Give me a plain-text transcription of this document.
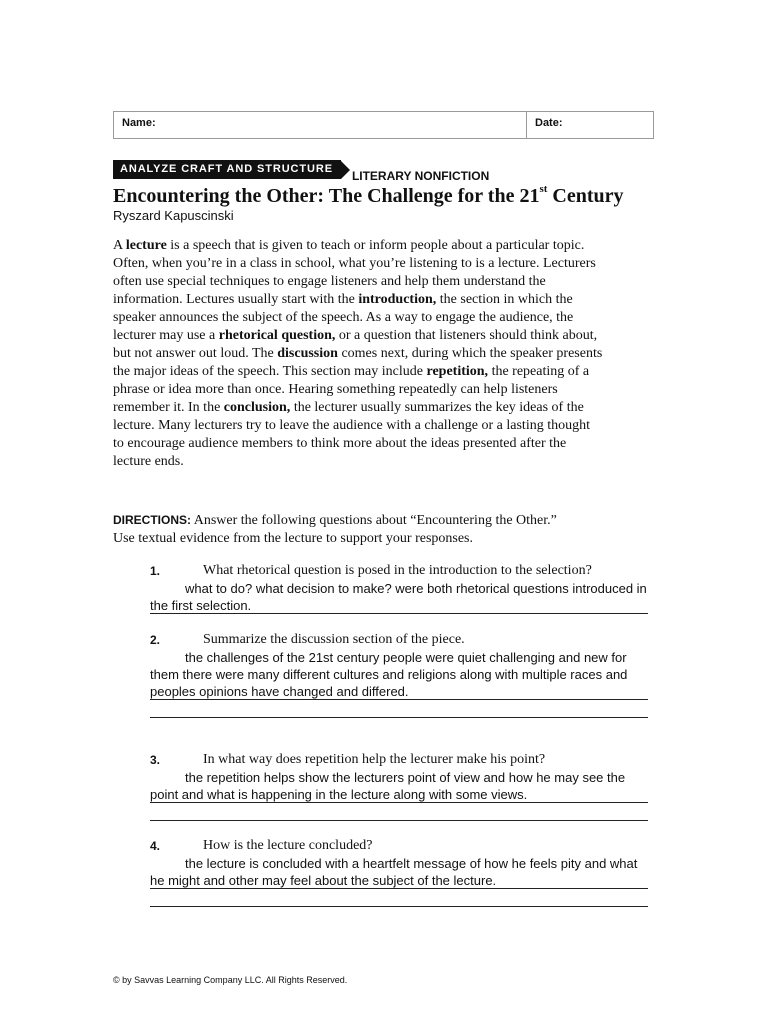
Name:	Date:
ANALYZE CRAFT AND STRUCTURE	LITERARY NONFICTION
Encountering the Other: The Challenge for the 21st Century
Ryszard Kapuscinski

A lecture is a speech that is given to teach or inform people about a particular topic. Often, when you’re in a class in school, what you’re listening to is a lecture. Lecturers often use special techniques to engage listeners and help them understand the information. Lectures usually start with the introduction, the section in which the speaker announces the subject of the speech. As a way to engage the audience, the lecturer may use a rhetorical question, or a question that listeners should think about, but not answer out loud. The discussion comes next, during which the speaker presents the major ideas of the speech. This section may include repetition, the repeating of a phrase or idea more than once. Hearing something repeatedly can help listeners remember it. In the conclusion, the lecturer usually summarizes the key ideas of the lecture. Many lecturers try to leave the audience with a challenge or a lasting thought to encourage audience members to think more about the ideas presented after the lecture ends.

DIRECTIONS: Answer the following questions about “Encountering the Other.” Use textual evidence from the lecture to support your responses.

1.	What rhetorical question is posed in the introduction to the selection?

what to do? what decision to make? were both rhetorical questions introduced in the first selection.

2.	Summarize the discussion section of the piece.

the challenges of the 21st century people were quiet challenging and new for them there were many different cultures and religions along with multiple races and peoples opinions have changed and differed.

3.	In what way does repetition help the lecturer make his point?

the repetition helps show the lecturers point of view and how he may see the point and what is happening in the lecture along with some views.

4.	How is the lecture concluded?

the lecture is concluded with a heartfelt message of how he feels pity and what he might and other may feel about the subject of the lecture.

© by Savvas Learning Company LLC. All Rights Reserved.
